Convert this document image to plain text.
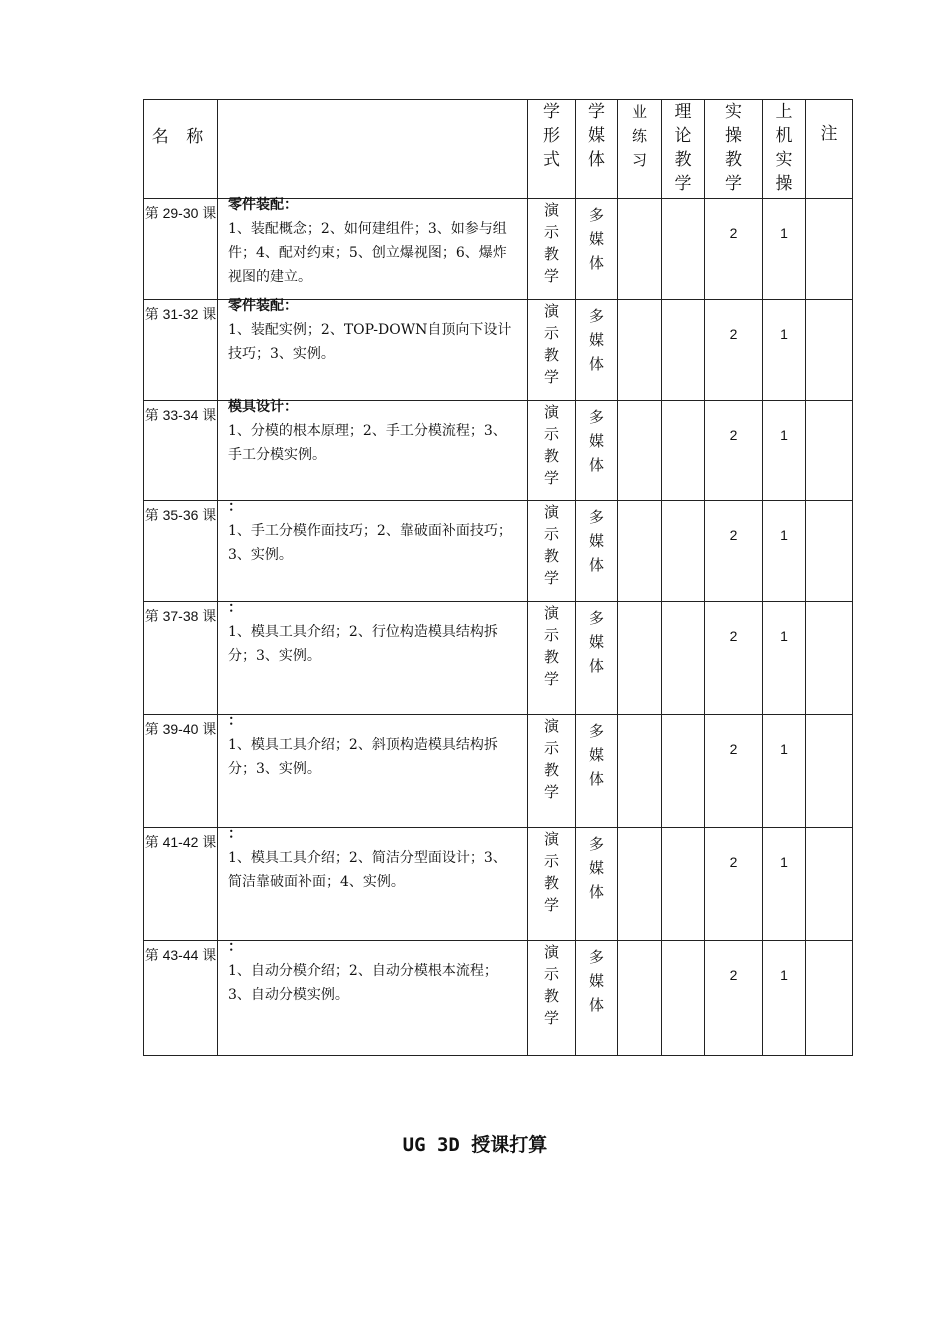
名 称		学形式	学媒体	业练习	理论教学	实操教学	上机实操	注

第 29-30 课	零件装配：
1、装配概念；2、如何建组件；3、如参与组件；4、配对约束；5、创立爆视图；6、爆炸视图的建立。	演示教学	多媒体			2	1	

第 31-32 课	零件装配：
1、装配实例；2、TOP-DOWN自顶向下设计技巧；3、实例。	演示教学	多媒体			2	1	

第 33-34 课	模具设计：
1、分模的根本原理；2、手工分模流程；3、手工分模实例。	演示教学	多媒体			2	1	

第 35-36 课	：
1、手工分模作面技巧；2、靠破面补面技巧；3、实例。	演示教学	多媒体			2	1	

第 37-38 课	：
1、模具工具介绍；2、行位构造模具结构拆分；3、实例。	演示教学	多媒体			2	1	

第 39-40 课	：
1、模具工具介绍；2、斜顶构造模具结构拆分；3、实例。	演示教学	多媒体			2	1	

第 41-42 课	：
1、模具工具介绍；2、简洁分型面设计；3、简洁靠破面补面；4、实例。	演示教学	多媒体			2	1	

第 43-44 课	：
1、自动分模介绍；2、自动分模根本流程；3、自动分模实例。	演示教学	多媒体			2	1	

UG 3D 授课打算
